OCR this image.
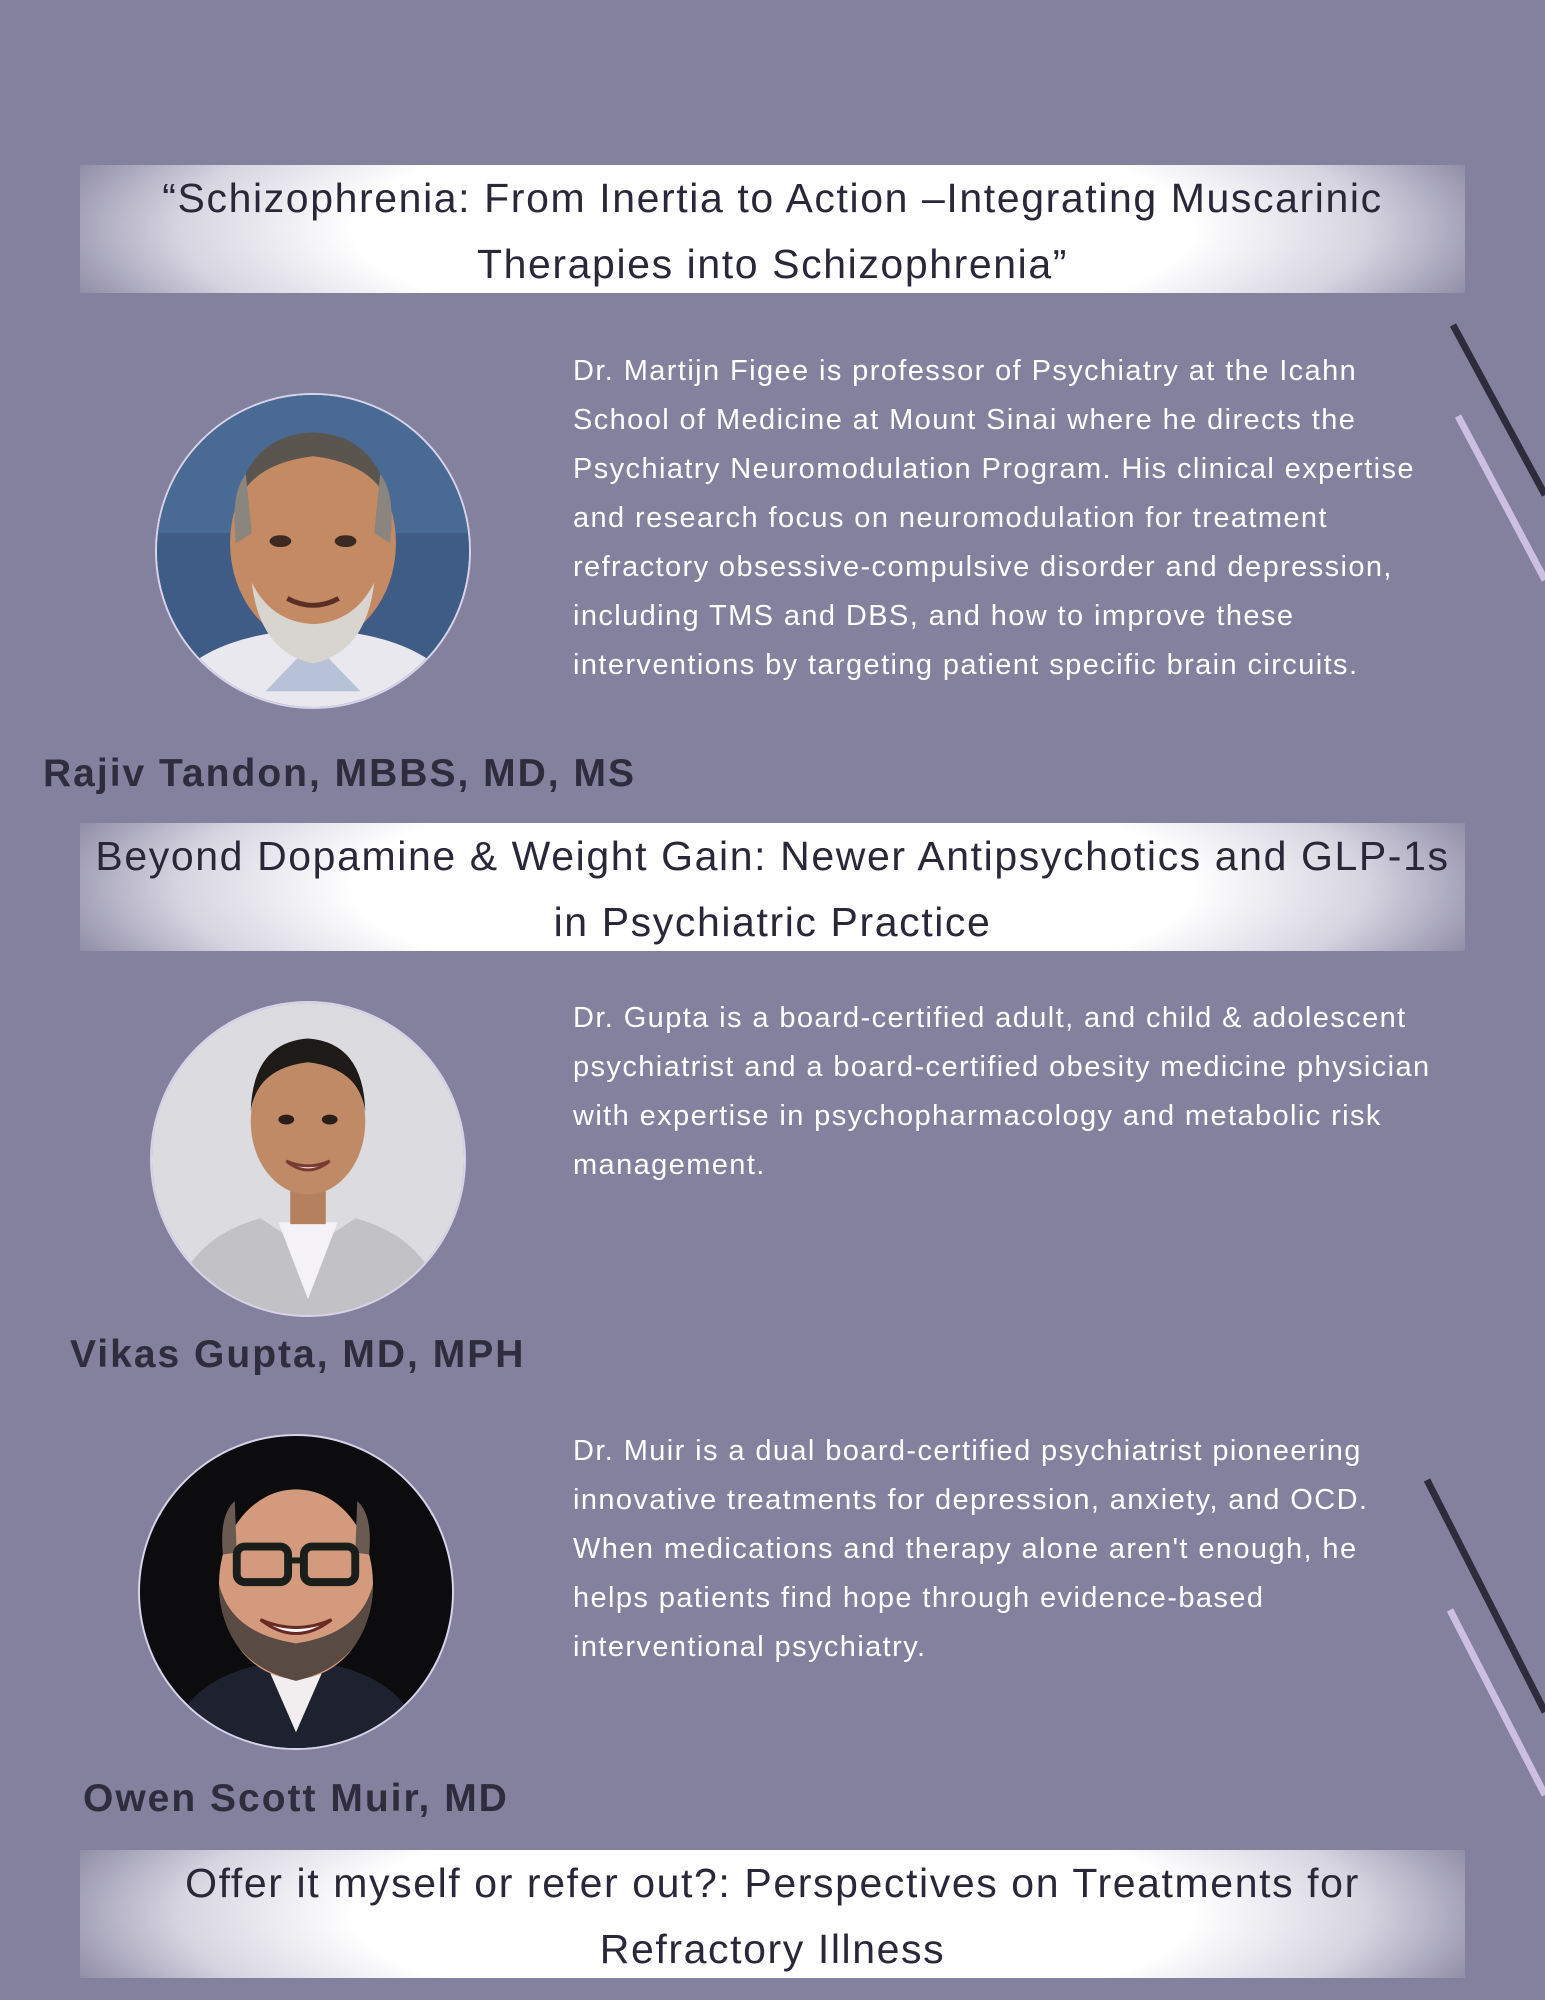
“Schizophrenia: From Inertia to Action –Integrating Muscarinic Therapies into Schizophrenia”
Dr. Martijn Figee is professor of Psychiatry at the Icahn School of Medicine at Mount Sinai where he directs the Psychiatry Neuromodulation Program. His clinical expertise and research focus on neuromodulation for treatment refractory obsessive-compulsive disorder and depression, including TMS and DBS, and how to improve these interventions by targeting patient specific brain circuits.
Rajiv Tandon, MBBS, MD, MS
Beyond Dopamine & Weight Gain: Newer Antipsychotics and GLP-1s in Psychiatric Practice
Dr. Gupta is a board-certified adult, and child & adolescent psychiatrist and a board-certified obesity medicine physician with expertise in psychopharmacology and metabolic risk management.
Vikas Gupta, MD, MPH
Dr. Muir is a dual board-certified psychiatrist pioneering innovative treatments for depression, anxiety, and OCD. When medications and therapy alone aren't enough, he helps patients find hope through evidence-based interventional psychiatry.
Owen Scott Muir, MD
Offer it myself or refer out?: Perspectives on Treatments for Refractory Illness
